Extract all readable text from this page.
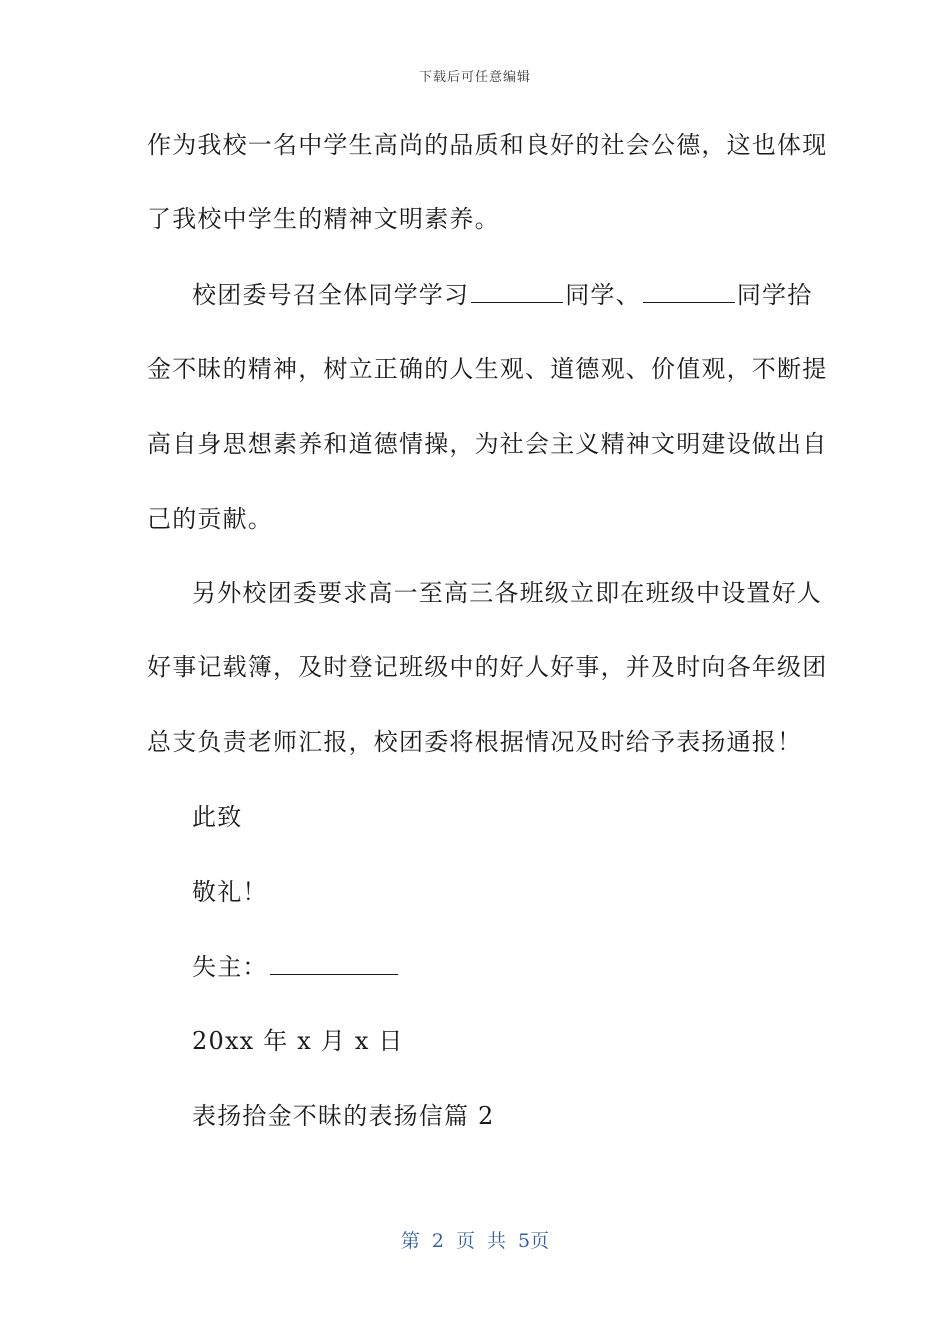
下载后可任意编辑
作为我校一名中学生高尚的品质和良好的社会公德，这也体现
了我校中学生的精神文明素养。
校团委号召全体同学学习	同学、	同学拾
金不昧的精神，树立正确的人生观、道德观、价值观，不断提
高自身思想素养和道德情操，为社会主义精神文明建设做出自
己的贡献。
另外校团委要求高一至高三各班级立即在班级中设置好人
好事记载簿，及时登记班级中的好人好事，并及时向各年级团
总支负责老师汇报，校团委将根据情况及时给予表扬通报！
此致
敬礼！
失主：
20xx 年 x 月 x 日
表扬拾金不昧的表扬信篇 2
第 2 页 共 5页
